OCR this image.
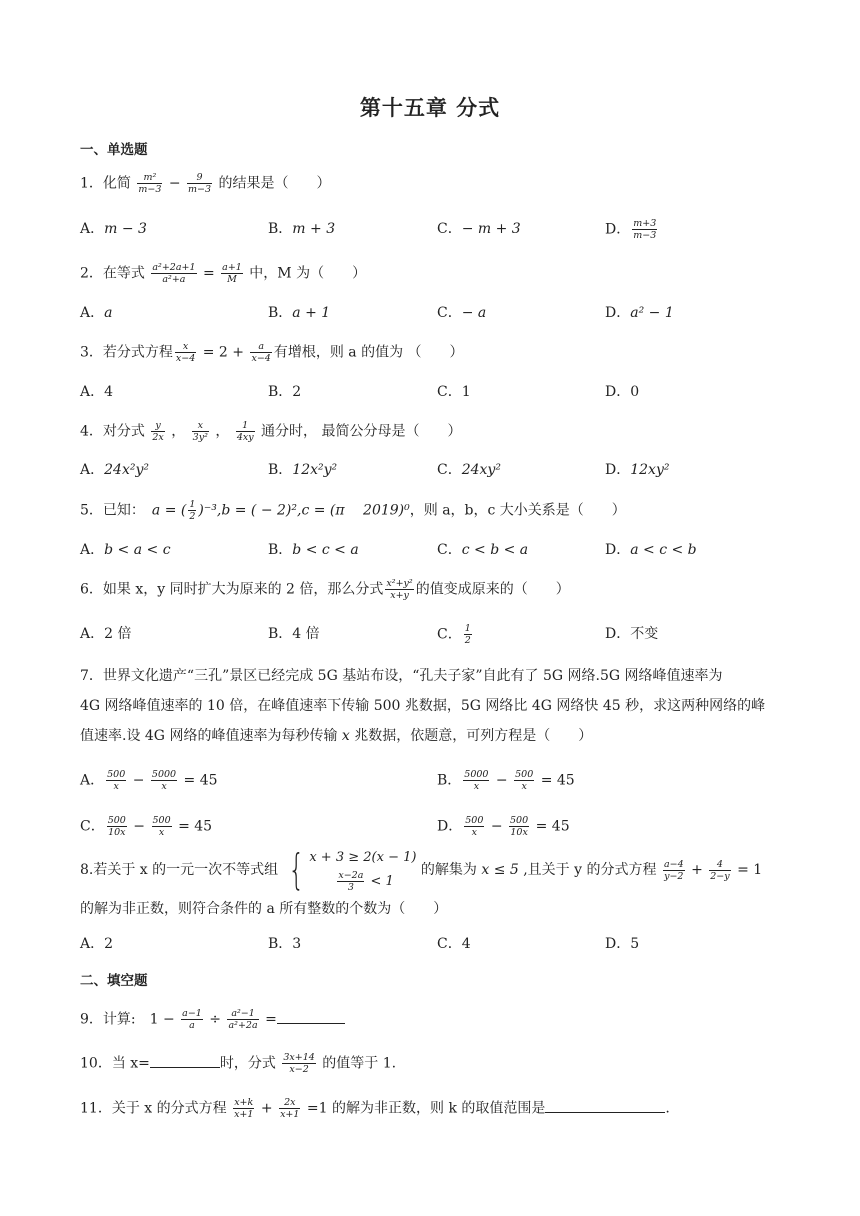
第十五章 分式
一、单选题
1．化简 $\frac{\text{m²}}{m-3} - \frac{9}{m-3}$ 的结果是（　　）
A．m − 3	B．m + 3	C．− m + 3	D． $\frac{m+3}{m-3}$
2．在等式 $\frac{\text{a²+2a+1}}{\text{a²+a}} = \frac{a+1}{M}$ 中，M 为（　　）
A．a	B．a + 1	C．− a	D．a² − 1
3．若分式方程 $\frac{x}{x-4} = 2 + \frac{a}{x-4}$ 有增根，则 a 的值为 （　　）
A．4	B．2	C．1	D．0
4．对分式 $\frac{y}{2x}$ ， $\frac{x}{\text{3y²}}$ ， $\frac{1}{4xy}$ 通分时， 最简公分母是（　　）
A．24x²y²	B．12x²y²	C．24xy²	D．12xy²
5．已知：　a = ( $\frac{1}{2} )^{-3},b$ = ( − 2)²,c = (π　 2019)⁰，则 a，b，c 大小关系是（　　）
A．b < a < c	B．b < c < a	C．c < b < a	D．a < c < b
6．如果 x，y 同时扩大为原来的 2 倍，那么分式 $\frac{\text{x²+y²}}{x+y}$ 的值变成原来的（　　）
A．2 倍	B．4 倍	C． $\frac{1}{2}$	D．不变
7．世界文化遗产“三孔”景区已经完成 5G 基站布设，“孔夫子家”自此有了 5G 网络.5G 网络峰值速率为
4G 网络峰值速率的 10 倍，在峰值速率下传输 500 兆数据，5G 网络比 4G 网络快 45 秒，求这两种网络的峰
值速率.设 4G 网络的峰值速率为每秒传输 x 兆数据，依题意，可列方程是（　　）
A． $\frac{500}{x} - \frac{5000}{x} = 45$	B． $\frac{5000}{x} - \frac{500}{x} = 45$
C． $\frac{500}{10x} - \frac{500}{x} = 45$	D． $\frac{500}{x} - \frac{500}{10x} = 45$
8.若关于 x 的一元一次不等式组 { x + 3 ≥ 2(x − 1)
$\frac{x-2a}{3} < 1$
的解集为 x ≤ 5 ,且关于 y 的分式方程 $\frac{a-4}{y-2} + \frac{4}{2-y} = 1$
的解为非正数，则符合条件的 a 所有整数的个数为（　　）
A．2	B．3	C．4	D．5
二、填空题
9．计算:　$1 - \frac{a-1}{a} \div \frac{\text{a²−1}}{\text{a²+2a}}$ =
10．当 x=	时，分式 $\frac{3x+14}{x-2}$ 的值等于 1.
11．关于 x 的分式方程 $\frac{x+k}{x+1} + \frac{2x}{x+1} =1$ 的解为非正数，则 k 的取值范围是	.
